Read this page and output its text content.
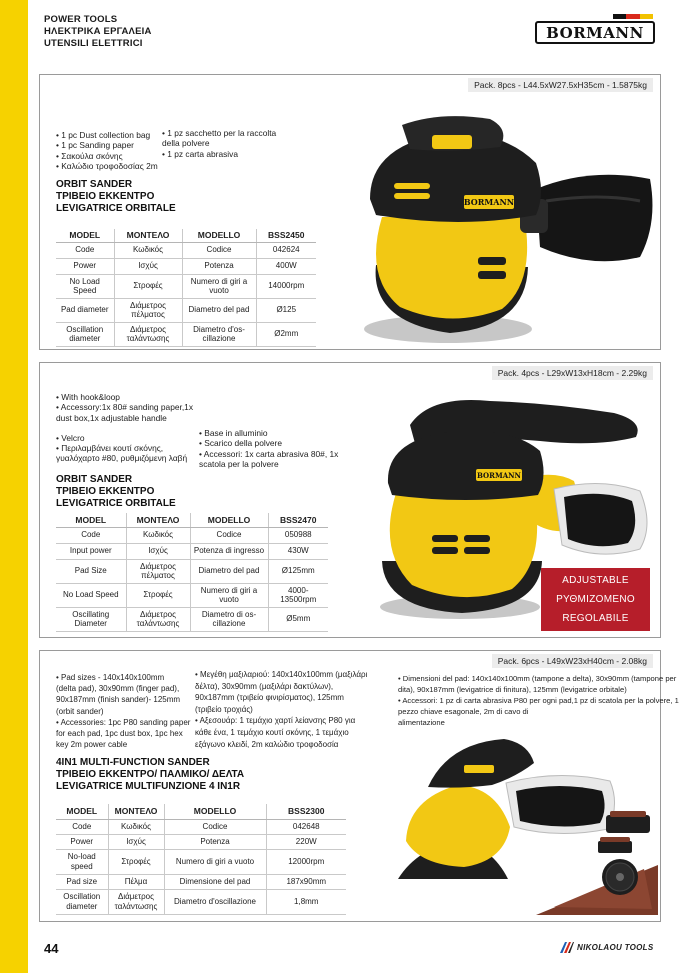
POWER TOOLS
ΗΛΕΚΤΡΙΚΑ ΕΡΓΑΛΕΙΑ
UTENSILI ELETTRICI
BORMANN
Pack. 8pcs - L44.5xW27.5xH35cm - 1.5875kg
• 1 pc Dust collection bag
• 1 pc Sanding paper
• Σακούλα σκόνης
• Καλώδιο τροφοδοσίας 2m
• 1 pz sacchetto per la raccolta
della polvere
• 1 pz carta abrasiva
ORBIT SANDER
ΤΡΙΒΕΙΟ ΕΚΚΕΝΤΡΟ
LEVIGATRICE ORBITALE
MODEL	ΜΟΝΤΕΛΟ	MODELLO	BSS2450
Code	Κωδικός	Codice	042624
Power	Ισχύς	Potenza	400W
No Load Speed	Στροφές	Numero di giri a vuoto	14000rpm
Pad diameter	Διάμετρος πέλματος	Diametro del pad	Ø125
Oscillation diameter	Διάμετρος ταλάντωσης	Diametro d'os-cillazione	Ø2mm
BORMANN
Pack. 4pcs - L29xW13xH18cm - 2.29kg
• With hook&loop
• Accessory:1x 80# sanding paper,1x
dust box,1x adjustable handle
• Velcro
• Περιλαμβάνει κουτί σκόνης,
γυαλόχαρτο #80, ρυθμιζόμενη λαβή
• Base in alluminio
• Scarico della polvere
• Accessori: 1x carta abrasiva 80#, 1x
scatola per la polvere
ORBIT SANDER
ΤΡΙΒΕΙΟ ΕΚΚΕΝΤΡΟ
LEVIGATRICE ORBITALE
MODEL	ΜΟΝΤΕΛΟ	MODELLO	BSS2470
Code	Κωδικός	Codice	050988
Input power	Ισχύς	Potenza di ingresso	430W
Pad Size	Διάμετρος πέλματος	Diametro del pad	Ø125mm
No Load Speed	Στροφές	Numero di giri a vuoto	4000-13500rpm
Oscillating Diameter	Διάμετρος ταλάντωσης	Diametro di os-cillazione	Ø5mm
BORMANN
ADJUSTABLE
ΡΥΘΜΙΖΟΜΕΝΟ
REGOLABILE
Pack. 6pcs - L49xW23xH40cm - 2.08kg
• Pad sizes - 140x140x100mm
(delta pad), 30x90mm (finger pad),
90x187mm (finish sander)- 125mm
(orbit sander)
• Accessories: 1pc P80 sanding paper
for each pad, 1pc dust box, 1pc hex
key 2m power cable
• Μεγέθη μαξιλαριού: 140x140x100mm (μαξιλάρι
δέλτα), 30x90mm (μαξιλάρι δακτύλων),
90x187mm (τριβείο φινιρίσματος), 125mm
(τριβείο τροχιάς)
• Αξεσουάρ: 1 τεμάχιο χαρτί λείανσης P80 για
κάθε ένα, 1 τεμάχιο κουτί σκόνης, 1 τεμάχιο
εξάγωνο κλειδί, 2m καλώδιο τροφοδοσία
• Dimensioni del pad: 140x140x100mm (tampone a delta), 30x90mm (tampone per
dita), 90x187mm (levigatrice di finitura), 125mm (levigatrice orbitale)
• Accessori: 1 pz di carta abrasiva P80 per ogni pad,1 pz di scatola per la polvere, 1
pezzo chiave esagonale, 2m di cavo di
alimentazione
4IN1 MULTI-FUNCTION SANDER
ΤΡΙΒΕΙΟ ΕΚΚΕΝΤΡΟ/ ΠΑΛΜΙΚΟ/ ΔΕΛΤΑ
LEVIGATRICE MULTIFUNZIONE 4 IN1R
MODEL	ΜΟΝΤΕΛΟ	MODELLO	BSS2300
Code	Κωδικός	Codice	042648
Power	Ισχύς	Potenza	220W
No-load speed	Στροφές	Numero di giri a vuoto	12000rpm
Pad size	Πέλμα	Dimensione del pad	187x90mm
Oscillation diameter	Διάμετρος ταλάντωσης	Diametro d'oscillazione	1,8mm
44	NIKOLAOU TOOLS
